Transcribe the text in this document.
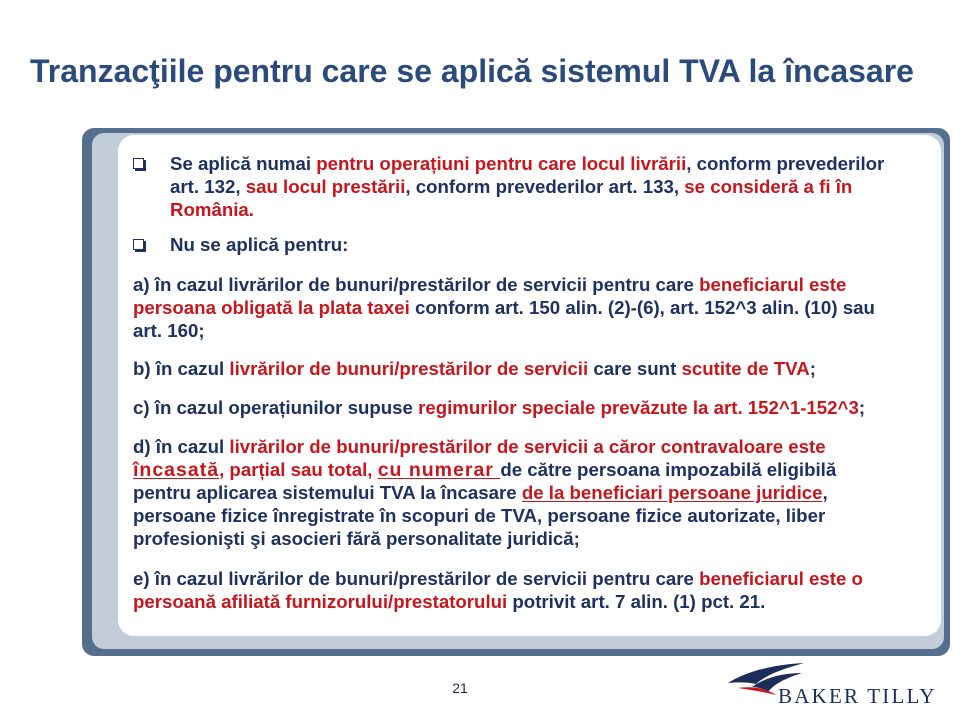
Tranzacţiile pentru care se aplică sistemul TVA la încasare
Se aplică numai pentru operațiuni pentru care locul livrării, conform prevederilor
art. 132, sau locul prestării, conform prevederilor art. 133, se consideră a fi în
România.
Nu se aplică pentru:
a) în cazul livrărilor de bunuri/prestărilor de servicii pentru care beneficiarul este
persoana obligată la plata taxei conform art. 150 alin. (2)-(6), art. 152^3 alin. (10) sau
art. 160;
b) în cazul livrărilor de bunuri/prestărilor de servicii care sunt scutite de TVA;
c) în cazul operațiunilor supuse regimurilor speciale prevăzute la art. 152^1-152^3;
d) în cazul livrărilor de bunuri/prestărilor de servicii a căror contravaloare este
încasată, parțial sau total, cu numerar de către persoana impozabilă eligibilă
pentru aplicarea sistemului TVA la încasare de la beneficiari persoane juridice,
persoane fizice înregistrate în scopuri de TVA, persoane fizice autorizate, liber
profesionişti şi asocieri fără personalitate juridică;
e) în cazul livrărilor de bunuri/prestărilor de servicii pentru care beneficiarul este o
persoană afiliată furnizorului/prestatorului potrivit art. 7 alin. (1) pct. 21.
21	BAKER TILLY
